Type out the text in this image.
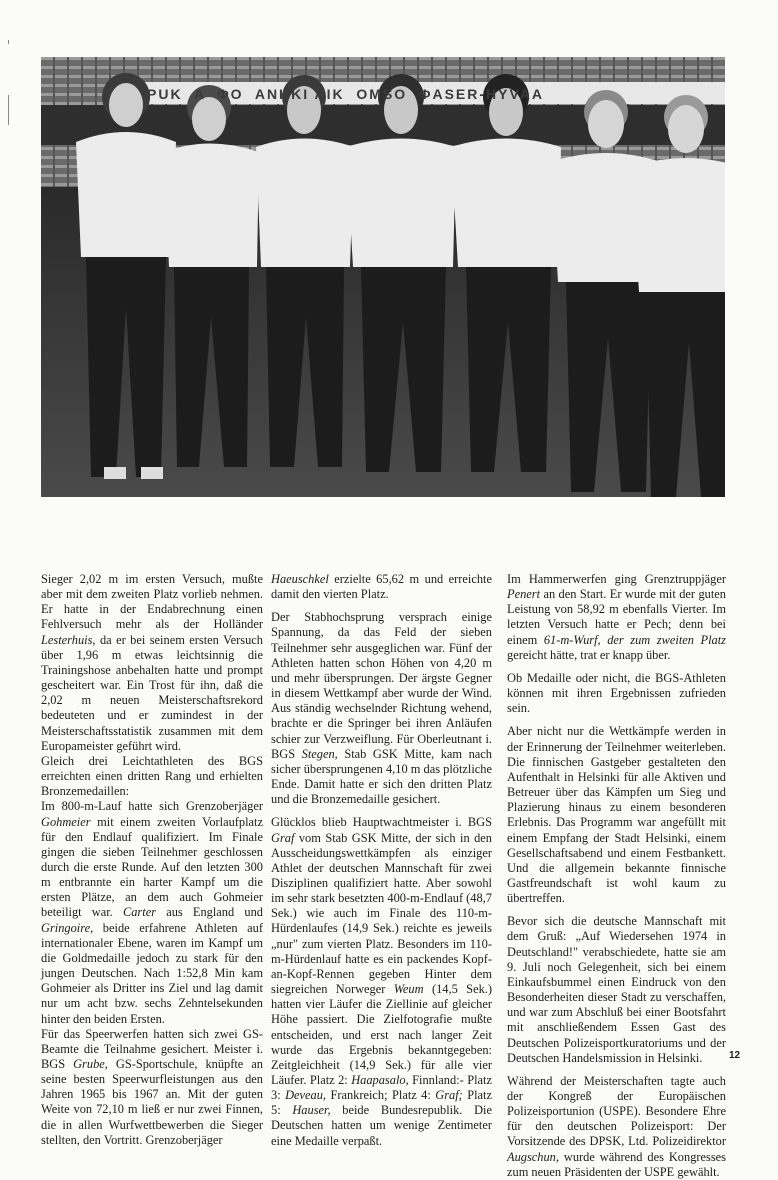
PUK  A  ΦO  ANKKI AIK  OMSO  ΦASER-HYVAA

Sieger 2,02 m im ersten Versuch, mußte aber mit dem zweiten Platz vorlieb nehmen. Er hatte in der Endabrechnung einen Fehlversuch mehr als der Holländer Lesterhuis, da er bei seinem ersten Versuch über 1,96 m etwas leichtsinnig die Trainingshose anbehalten hatte und prompt gescheitert war. Ein Trost für ihn, daß die 2,02 m neuen Meisterschaftsrekord bedeuteten und er zumindest in der Meisterschaftsstatistik zusammen mit dem Europameister geführt wird.

Gleich drei Leichtathleten des BGS erreichten einen dritten Rang und erhielten Bronzemedaillen:

Im 800-m-Lauf hatte sich Grenzoberjäger Gohmeier mit einem zweiten Vorlaufplatz für den Endlauf qualifiziert. Im Finale gingen die sieben Teilnehmer geschlossen durch die erste Runde. Auf den letzten 300 m entbrannte ein harter Kampf um die ersten Plätze, an dem auch Gohmeier beteiligt war. Carter aus England und Gringoire, beide erfahrene Athleten auf internationaler Ebene, waren im Kampf um die Goldmedaille jedoch zu stark für den jungen Deutschen. Nach 1:52,8 Min kam Gohmeier als Dritter ins Ziel und lag damit nur um acht bzw. sechs Zehntelsekunden hinter den beiden Ersten.

Für das Speerwerfen hatten sich zwei GS-Beamte die Teilnahme gesichert. Meister i. BGS Grube, GS-Sportschule, knüpfte an seine besten Speerwurfleistungen aus den Jahren 1965 bis 1967 an. Mit der guten Weite von 72,10 m ließ er nur zwei Finnen, die in allen Wurfwettbewerben die Sieger stellten, den Vortritt. Grenzoberjäger

Haeuschkel erzielte 65,62 m und erreichte damit den vierten Platz.

Der Stabhochsprung versprach einige Spannung, da das Feld der sieben Teilnehmer sehr ausgeglichen war. Fünf der Athleten hatten schon Höhen von 4,20 m und mehr übersprungen. Der ärgste Gegner in diesem Wettkampf aber wurde der Wind. Aus ständig wechselnder Richtung wehend, brachte er die Springer bei ihren Anläufen schier zur Verzweiflung. Für Oberleutnant i. BGS Stegen, Stab GSK Mitte, kam nach sicher übersprungenen 4,10 m das plötzliche Ende. Damit hatte er sich den dritten Platz und die Bronzemedaille gesichert.

Glücklos blieb Hauptwachtmeister i. BGS Graf vom Stab GSK Mitte, der sich in den Ausscheidungswettkämpfen als einziger Athlet der deutschen Mannschaft für zwei Disziplinen qualifiziert hatte. Aber sowohl im sehr stark besetzten 400-m-Endlauf (48,7 Sek.) wie auch im Finale des 110-m-Hürdenlaufes (14,9 Sek.) reichte es jeweils „nur" zum vierten Platz. Besonders im 110-m-Hürdenlauf hatte es ein packendes Kopf-an-Kopf-Rennen gegeben Hinter dem siegreichen Norweger Weum (14,5 Sek.) hatten vier Läufer die Ziellinie auf gleicher Höhe passiert. Die Zielfotografie mußte entscheiden, und erst nach langer Zeit wurde das Ergebnis bekanntgegeben: Zeitgleichheit (14,9 Sek.) für alle vier Läufer. Platz 2: Haapasalo, Finnland:- Platz 3: Deveau, Frankreich; Platz 4: Graf; Platz 5: Hauser, beide Bundesrepublik. Die Deutschen hatten um wenige Zentimeter eine Medaille verpaßt.

Im Hammerwerfen ging Grenztruppjäger Penert an den Start. Er wurde mit der guten Leistung von 58,92 m ebenfalls Vierter. Im letzten Versuch hatte er Pech; denn bei einem 61-m-Wurf, der zum zweiten Platz gereicht hätte, trat er knapp über.

Ob Medaille oder nicht, die BGS-Athleten können mit ihren Ergebnissen zufrieden sein.

Aber nicht nur die Wettkämpfe werden in der Erinnerung der Teilnehmer weiterleben. Die finnischen Gastgeber gestalteten den Aufenthalt in Helsinki für alle Aktiven und Betreuer über das Kämpfen um Sieg und Plazierung hinaus zu einem besonderen Erlebnis. Das Programm war angefüllt mit einem Empfang der Stadt Helsinki, einem Gesellschaftsabend und einem Festbankett. Und die allgemein bekannte finnische Gastfreundschaft ist wohl kaum zu übertreffen.

Bevor sich die deutsche Mannschaft mit dem Gruß: „Auf Wiedersehen 1974 in Deutschland!" verabschiedete, hatte sie am 9. Juli noch Gelegenheit, sich bei einem Einkaufsbummel einen Eindruck von den Besonderheiten dieser Stadt zu verschaffen, und war zum Abschluß bei einer Bootsfahrt mit anschließendem Essen Gast des Deutschen Polizeisportkuratoriums und der Deutschen Handelsmission in Helsinki.

Während der Meisterschaften tagte auch der Kongreß der Europäischen Polizeisportunion (USPE). Besondere Ehre für den deutschen Polizeisport: Der Vorsitzende des DPSK, Ltd. Polizeidirektor Augschun, wurde während des Kongresses zum neuen Präsidenten der USPE gewählt.

12
